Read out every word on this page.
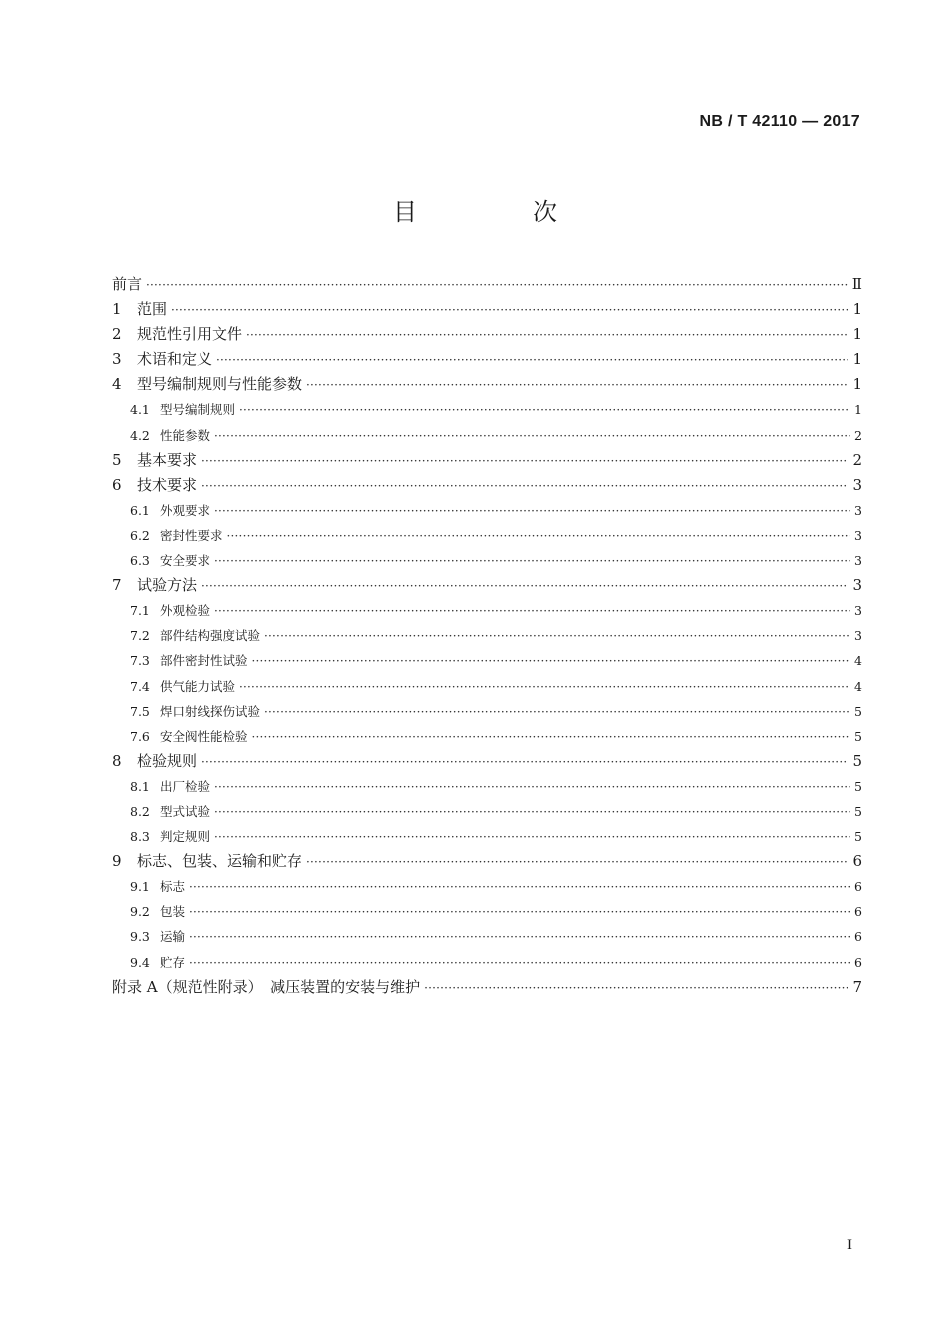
NB / T 42110 — 2017
目　次
前言 ·····	Ⅱ
1	范围 ·····	1
2	规范性引用文件 ·····	1
3	术语和定义 ·····	1
4	型号编制规则与性能参数 ·····	1
4.1 型号编制规则 ·····	1
4.2 性能参数 ·····	2
5	基本要求 ·····	2
6	技术要求 ·····	3
6.1 外观要求 ·····	3
6.2 密封性要求 ·····	3
6.3 安全要求 ·····	3
7	试验方法 ·····	3
7.1 外观检验 ·····	3
7.2 部件结构强度试验 ·····	3
7.3 部件密封性试验 ·····	4
7.4 供气能力试验 ·····	4
7.5 焊口射线探伤试验 ·····	5
7.6 安全阀性能检验 ·····	5
8	检验规则 ·····	5
8.1 出厂检验 ·····	5
8.2 型式试验 ·····	5
8.3 判定规则 ·····	5
9	标志、包装、运输和贮存 ·····	6
9.1 标志 ·····	6
9.2 包装 ·····	6
9.3 运输 ·····	6
9.4 贮存 ·····	6
附录 A（规范性附录）　减压装置的安装与维护 ·····	7
I
